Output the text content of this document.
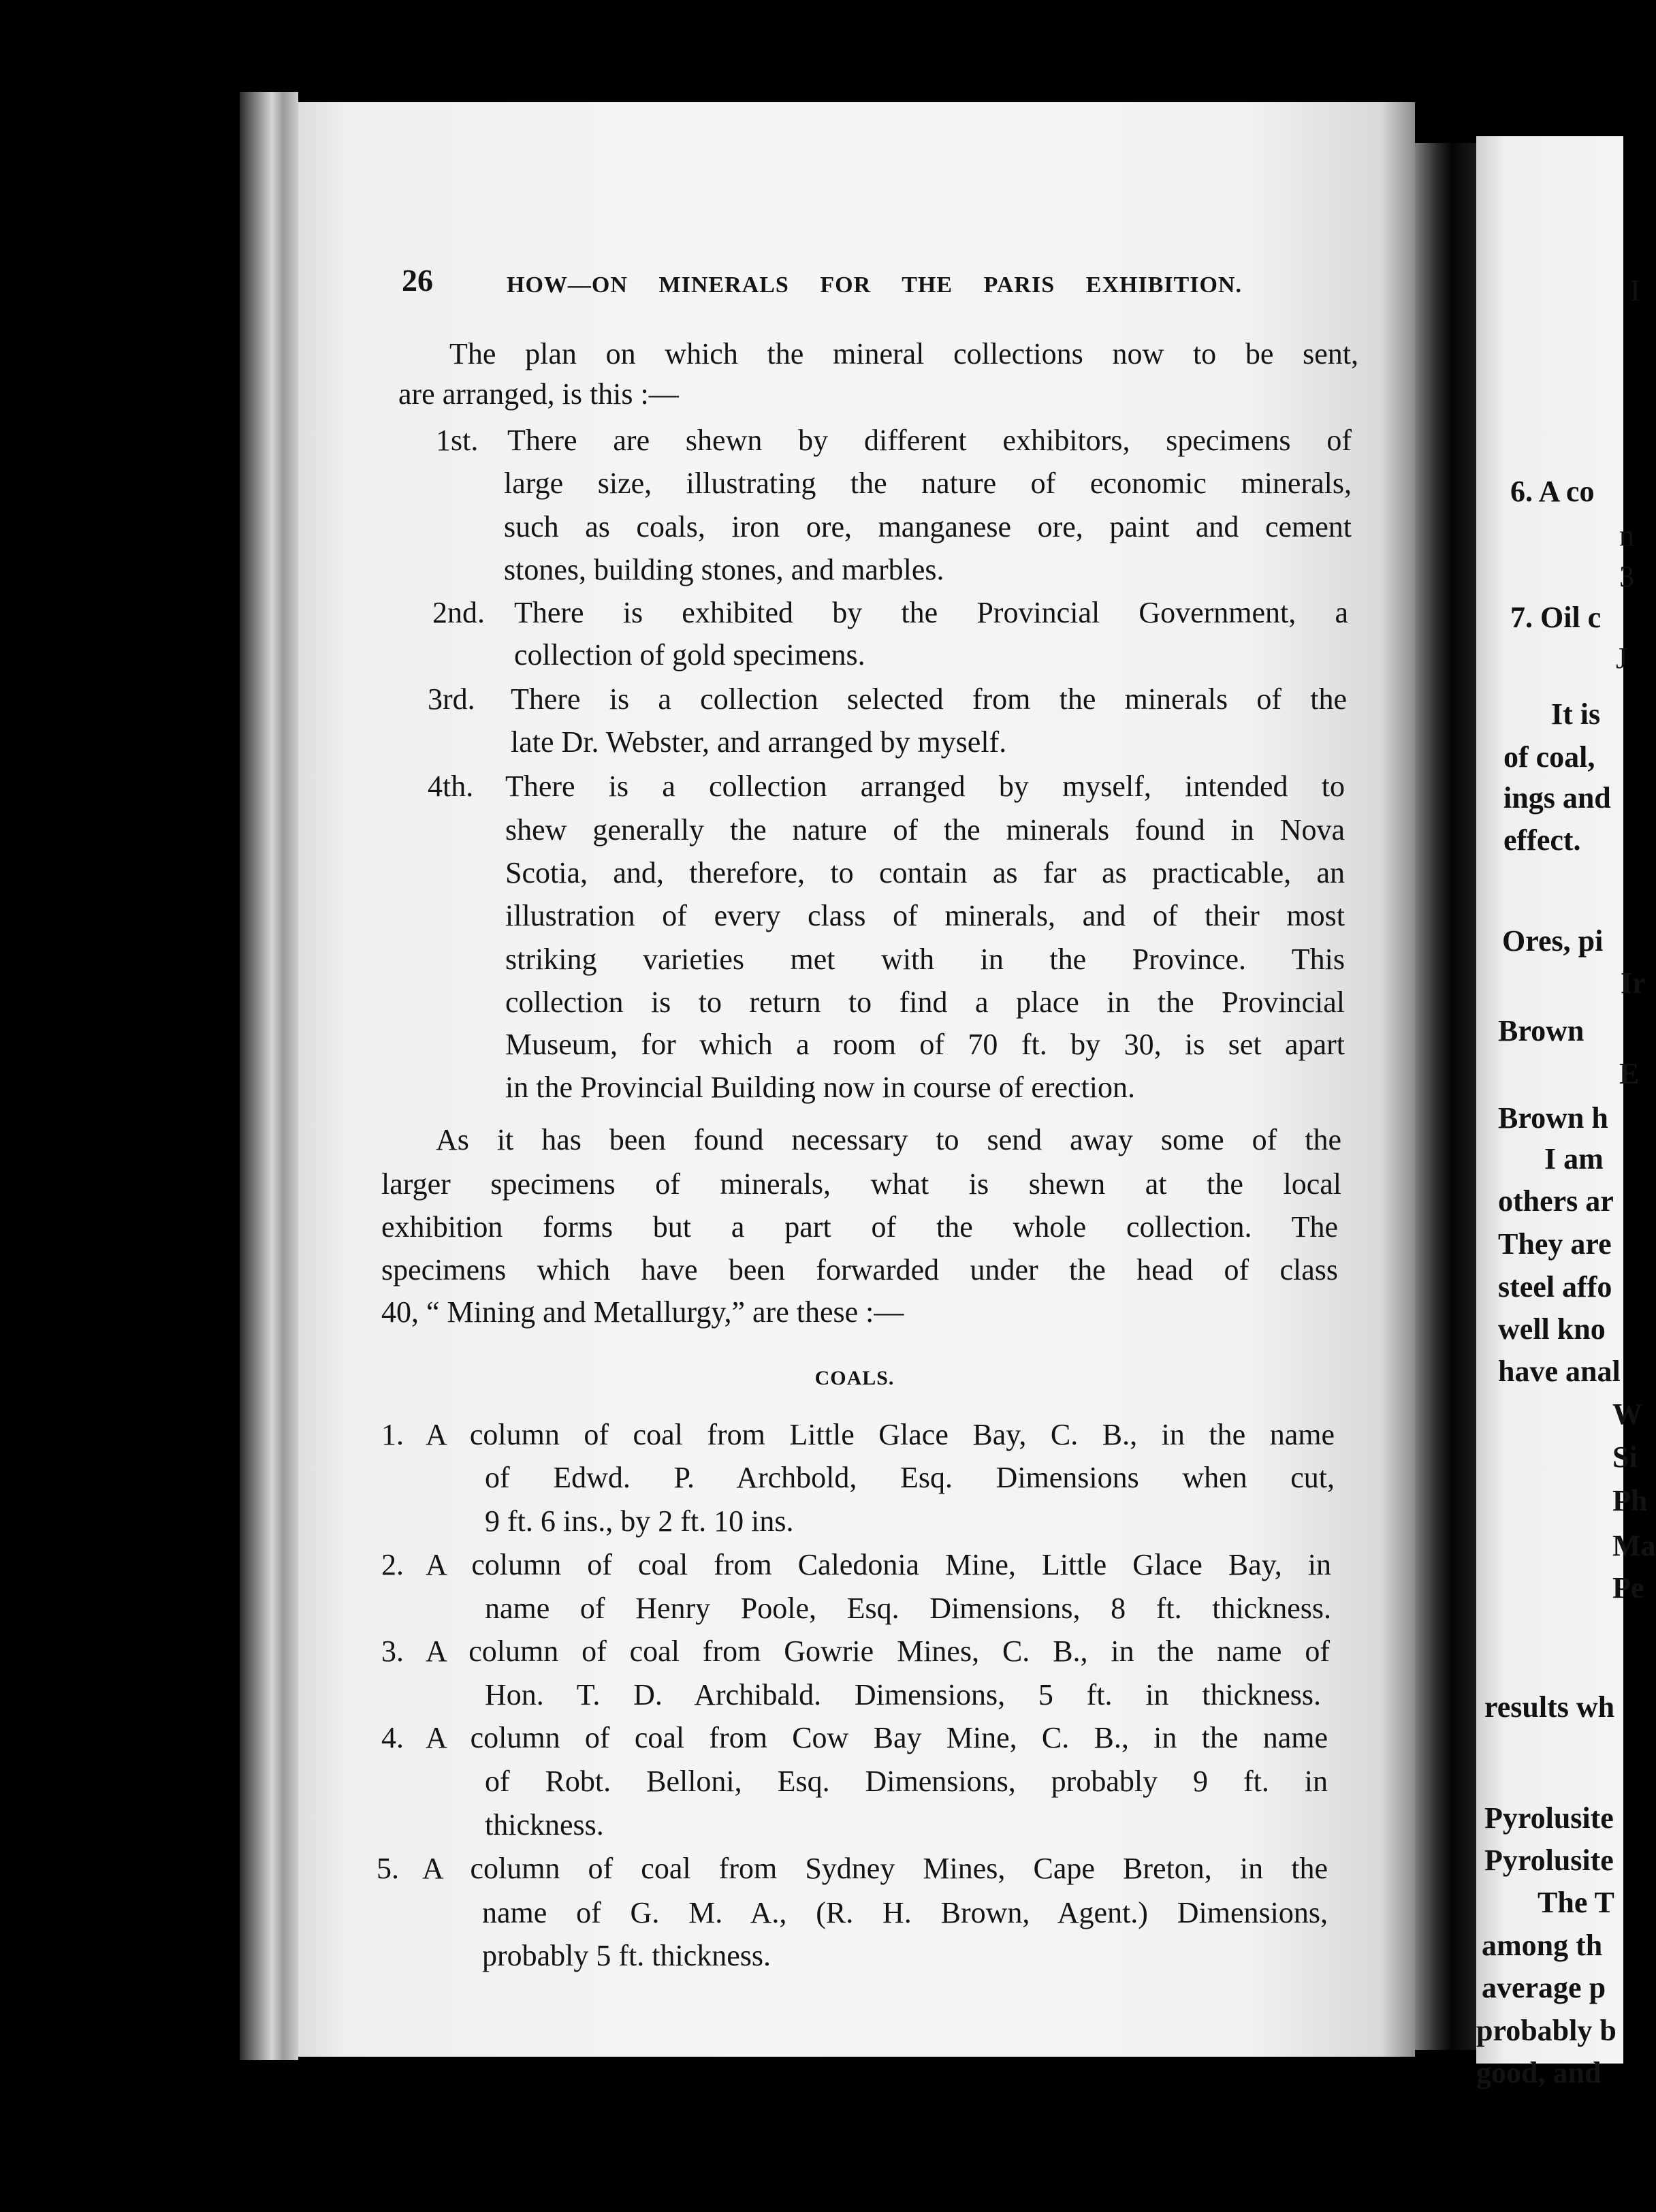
I
6. A co
n
3
7. Oil c
J
It is
of coal,
ings and
effect.
Ores, pi
Ir
Brown
E
Brown h
I am
others ar
They are
steel affo
well kno
have anal
W
Si
Ph
Ma
Pe
results wh
Pyrolusite
Pyrolusite
The T
among th
average p
probably b
good, and
26	HOW—ON MINERALS FOR THE PARIS EXHIBITION.
The plan on which the mineral collections now to be sent,
are arranged, is this :—
1st. There are shewn by different exhibitors, specimens of
large size, illustrating the nature of economic minerals,
such as coals, iron ore, manganese ore, paint and cement
stones, building stones, and marbles.
2nd. There is exhibited by the Provincial Government, a
collection of gold specimens.
3rd. There is a collection selected from the minerals of the
late Dr. Webster, and arranged by myself.
4th. There is a collection arranged by myself, intended to
shew generally the nature of the minerals found in Nova
Scotia, and, therefore, to contain as far as practicable, an
illustration of every class of minerals, and of their most
striking varieties met with in the Province. This
collection is to return to find a place in the Provincial
Museum, for which a room of 70 ft. by 30, is set apart
in the Provincial Building now in course of erection.
As it has been found necessary to send away some of the
larger specimens of minerals, what is shewn at the local
exhibition forms but a part of the whole collection. The
specimens which have been forwarded under the head of class
40, “ Mining and Metallurgy,” are these :—
COALS.
1. A column of coal from Little Glace Bay, C. B., in the name
of Edwd. P. Archbold, Esq. Dimensions when cut,
9 ft. 6 ins., by 2 ft. 10 ins.
2. A column of coal from Caledonia Mine, Little Glace Bay, in
name of Henry Poole, Esq. Dimensions, 8 ft. thickness.
3. A column of coal from Gowrie Mines, C. B., in the name of
Hon. T. D. Archibald. Dimensions, 5 ft. in thickness.
4. A column of coal from Cow Bay Mine, C. B., in the name
of Robt. Belloni, Esq. Dimensions, probably 9 ft. in
thickness.
5. A column of coal from Sydney Mines, Cape Breton, in the
name of G. M. A., (R. H. Brown, Agent.) Dimensions,
probably 5 ft. thickness.
